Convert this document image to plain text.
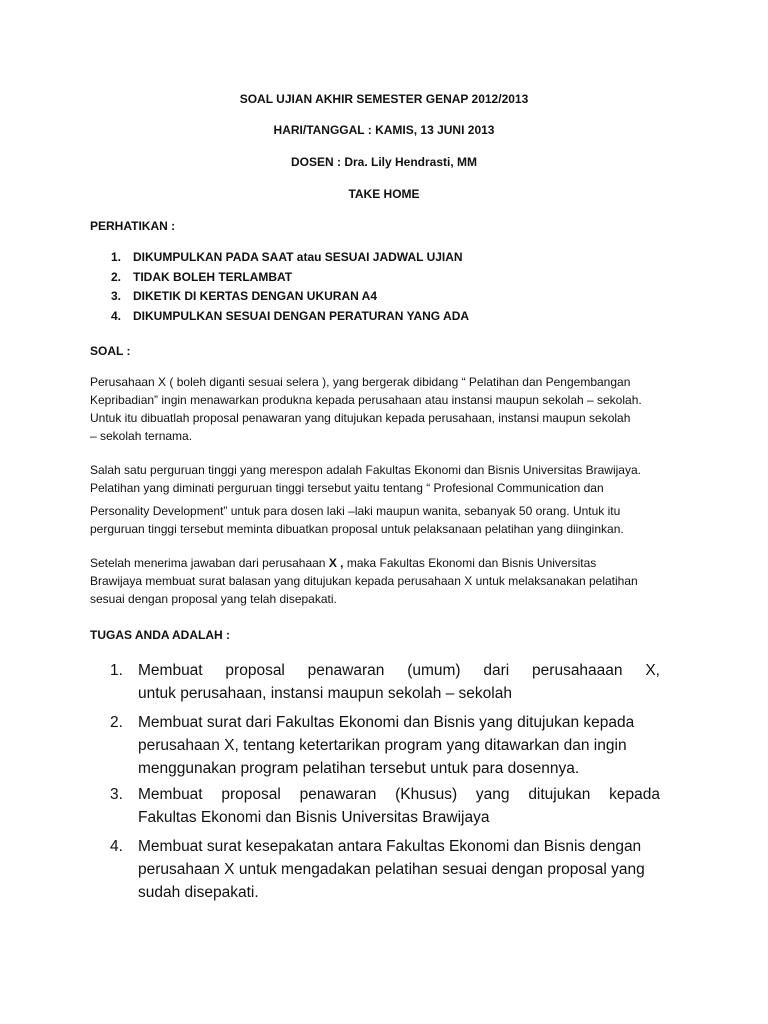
SOAL UJIAN AKHIR SEMESTER GENAP 2012/2013
HARI/TANGGAL : KAMIS, 13 JUNI 2013
DOSEN : Dra. Lily Hendrasti, MM
TAKE HOME
PERHATIKAN :
1. DIKUMPULKAN PADA SAAT atau SESUAI JADWAL UJIAN
2. TIDAK BOLEH TERLAMBAT
3. DIKETIK DI KERTAS DENGAN UKURAN A4
4. DIKUMPULKAN SESUAI DENGAN PERATURAN YANG ADA
SOAL :
Perusahaan X ( boleh diganti sesuai selera ), yang bergerak dibidang “ Pelatihan dan Pengembangan
Kepribadian” ingin menawarkan produkna kepada perusahaan atau instansi maupun sekolah – sekolah.
Untuk itu dibuatlah proposal penawaran yang ditujukan kepada perusahaan, instansi maupun sekolah
– sekolah ternama.
Salah satu perguruan tinggi yang merespon adalah Fakultas Ekonomi dan Bisnis Universitas Brawijaya.
Pelatihan yang diminati perguruan tinggi tersebut yaitu tentang “ Profesional Communication dan
Personality Development” untuk para dosen laki –laki maupun wanita, sebanyak 50 orang. Untuk itu
perguruan tinggi tersebut meminta dibuatkan proposal untuk pelaksanaan pelatihan yang diinginkan.
Setelah menerima jawaban dari perusahaan X , maka Fakultas Ekonomi dan Bisnis Universitas
Brawijaya membuat surat balasan yang ditujukan kepada perusahaan X untuk melaksanakan pelatihan
sesuai dengan proposal yang telah disepakati.
TUGAS ANDA ADALAH :
1. Membuat proposal penawaran (umum) dari perusahaaan X,
untuk perusahaan, instansi maupun sekolah – sekolah
2. Membuat surat dari Fakultas Ekonomi dan Bisnis yang ditujukan kepada
perusahaan X, tentang ketertarikan program yang ditawarkan dan ingin
menggunakan program pelatihan tersebut untuk para dosennya.
3. Membuat proposal penawaran (Khusus) yang ditujukan kepada
Fakultas Ekonomi dan Bisnis Universitas Brawijaya
4. Membuat surat kesepakatan antara Fakultas Ekonomi dan Bisnis dengan
perusahaan X untuk mengadakan pelatihan sesuai dengan proposal yang
sudah disepakati.
